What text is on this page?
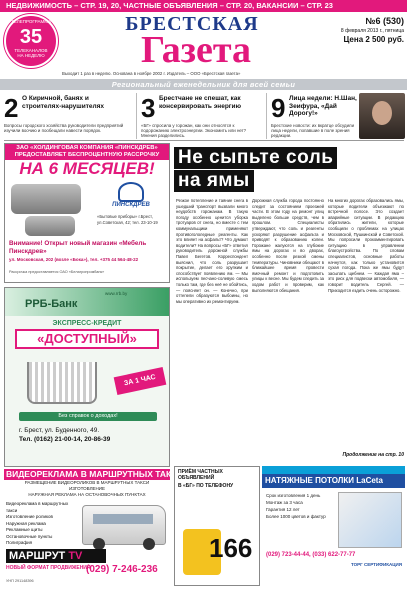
НЕДВИЖИМОСТЬ – СТР. 19, 20, ЧАСТНЫЕ ОБЪЯВЛЕНИЯ – СТР. 20, ВАКАНСИИ – СТР. 23
ТЕЛЕПРОГРАММА
35
ТЕЛЕКАНАЛОВ
НА НЕДЕЛЮ
БРЕСТСКАЯ
Газета
№6 (530)
8 февраля 2013 г., пятница
Цена 2 500 руб.
Выходит 1 раз в неделю. Основана в ноябре 2002 г. Издатель – ООО «Брестская газета»
Региональный еженедельник для всей семьи
2 О Киричной, банях и строителях-нарушителях
Вопросы городского хозяйства руководители предприятий изучили воочию и пообещали навести порядок.
3 Брестчане не спешат, как консервировать энергию
«БГ» спросила у горожан, как они относятся к подорожанию электроэнергии. Экономить или нет? Мнения разделились.
9 Лица недели: Н.Шан, Зеифура, «Дай Дорогу!»
Брестские новости: их вкратце обсудили лица недели, попавшие в поле зрения редакции.
ЗАО «ХОЛДИНГОВАЯ КОМПАНИЯ «ПИНСКДРЕВ» ПРЕДОСТАВЛЯЕТ БЕСПРОЦЕНТНУЮ РАССРОЧКУ
НА 6 МЕСЯЦЕВ!
ПИНСКДРЕВ
«Бытовые приборы» г.Брест, ул.Советская, 42; тел. 23-10-19
Внимание! Открыт новый магазин «Мебель Пинскдрев»
ул. Московская, 202 (возле «Бока»), тел. +375 44 564-48-22
Рассрочка предоставляется ОАО «Белагропромбанк»
Не сыпьте соль
на ямы
Резкое потепление и таяние снега в ушедший транспорт вызвали много неудобств горожанам. В такую погоду особенно ценится уборка тротуаров от снега, но вместе с тем коммунальщики применяют противогололедные реагенты. Как это влияет на асфальт? Что думают водители? На вопросы «БГ» ответил руководитель дорожной службы Павел Бегетов. Корреспондент выяснил, что соль разрушает покрытие, делает его хрупким и способствует появлению ям. — Мы используем песчано-солевую смесь только там, где без неё не обойтись, — поясняет он. — Конечно, при оттепели образуются выбоины, но мы оперативно их ремонтируем.
Дорожная служба города постоянно следит за состоянием проезжей части. В этом году на ремонт улиц выделено больше средств, чем в прошлом. Специалисты утверждают, что соль и реагенты ускоряют разрушение асфальта и приводят к образованию колеи. Горожане жалуются на глубокие ямы на дорогах и во дворах, особенно после резкой смены температуры. Чиновники обещают в ближайшее время провести ямочный ремонт и подготовить улицы к весне. Мы будем следить за ходом работ и проверим, как выполняются обещания.
На многих дорогах образовались ямы, которые водители объезжают по встречной полосе. Это создает аварийные ситуации. В редакцию обратились жители, которые сообщили о проблемах на улицах Московской, Пушкинской и Советской. Мы попросили прокомментировать ситуацию в управлении благоустройства. По словам специалистов, основные работы начнутся, как только установится сухая погода. Пока же ямы будут засыпать щебнем. — Каждая яма – это риск для подвески автомобиля, — говорит водитель Сергей. — Приходится ездить очень осторожно.
Продолжение на стр. 10
www.rrb.by
РРБ-Банк
ЭКСПРЕСС-КРЕДИТ
«ДОСТУПНЫЙ»
ЗА 1 ЧАС
Без справок о доходах!
г. Брест, ул. Буденного, 49.
Тел. (0162) 21-00-14, 20-86-39
ВИДЕОРЕКЛАМА В МАРШРУТНЫХ ТАКСИ
РАЗМЕЩЕНИЕ ВИДЕОРОЛИКОВ В МАРШРУТНЫХ ТАКСИ
ИЗГОТОВЛЕНИЕ
НАРУЖНАЯ РЕКЛАМА НА ОСТАНОВОЧНЫХ ПУНКТАХ
Видеореклама в маршрутных такси
Изготовление роликов
Наружная реклама
Рекламные щиты
Остановочные пункты
Полиграфия
МАРШРУТ TV
НОВЫЙ ФОРМАТ ПРОДВИЖЕНИЯ
(029) 7-246-236
УНП 291148396
ПРИЁМ ЧАСТНЫХ ОБЪЯВЛЕНИЙ
В «БГ» ПО ТЕЛЕФОНУ
166
НАТЯЖНЫЕ ПОТОЛКИ LaCeta
Срок изготовления 1 день
Монтаж за 3 часа
Гарантия 12 лет
Более 1000 цветов и фактур
(029) 723-44-44, (033) 622-77-77
ТОРГ СЕРТИФИКАЦИЯ
